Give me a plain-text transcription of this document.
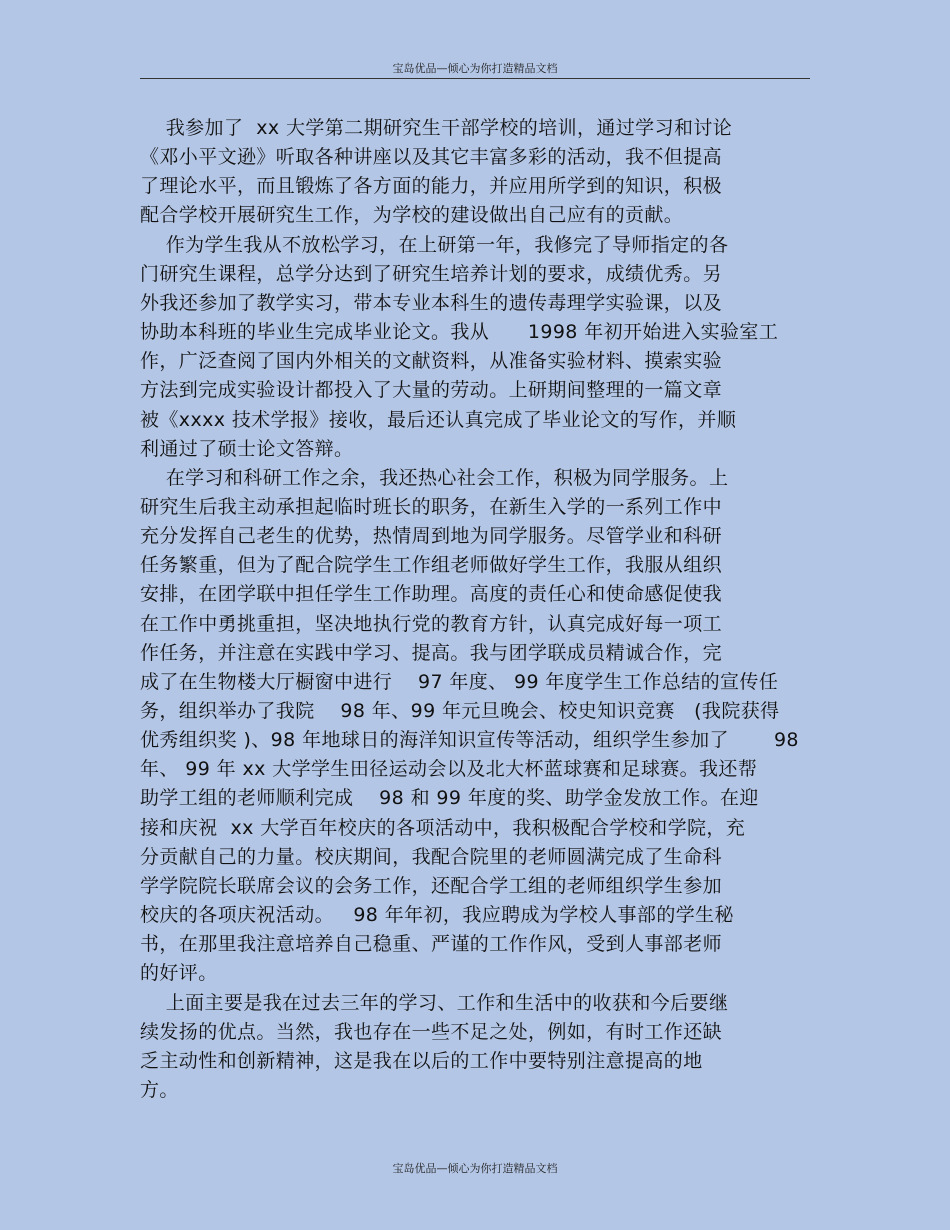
宝岛优品—倾心为你打造精品文档
我参加了  xx 大学第二期研究生干部学校的培训，通过学习和讨论
《邓小平文逊》听取各种讲座以及其它丰富多彩的活动，我不但提高
了理论水平，而且锻炼了各方面的能力，并应用所学到的知识，积极
配合学校开展研究生工作，为学校的建设做出自己应有的贡献。
作为学生我从不放松学习，在上研第一年，我修完了导师指定的各
门研究生课程，总学分达到了研究生培养计划的要求，成绩优秀。另
外我还参加了教学实习，带本专业本科生的遗传毒理学实验课，以及
协助本科班的毕业生完成毕业论文。我从      1998 年初开始进入实验室工
作，广泛查阅了国内外相关的文献资料，从准备实验材料、摸索实验
方法到完成实验设计都投入了大量的劳动。上研期间整理的一篇文章
被《xxxx 技术学报》接收，最后还认真完成了毕业论文的写作，并顺
利通过了硕士论文答辩。
在学习和科研工作之余，我还热心社会工作，积极为同学服务。上
研究生后我主动承担起临时班长的职务，在新生入学的一系列工作中
充分发挥自己老生的优势，热情周到地为同学服务。尽管学业和科研
任务繁重，但为了配合院学生工作组老师做好学生工作，我服从组织
安排，在团学联中担任学生工作助理。高度的责任心和使命感促使我
在工作中勇挑重担，坚决地执行党的教育方针，认真完成好每一项工
作任务，并注意在实践中学习、提高。我与团学联成员精诚合作，完
成了在生物楼大厅橱窗中进行    97 年度、 99 年度学生工作总结的宣传任
务，组织举办了我院    98 年、99 年元旦晚会、校史知识竞赛   (我院获得
优秀组织奖 )、98 年地球日的海洋知识宣传等活动，组织学生参加了       98
年、 99 年 xx 大学学生田径运动会以及北大杯蓝球赛和足球赛。我还帮
助学工组的老师顺利完成    98 和 99 年度的奖、助学金发放工作。在迎
接和庆祝  xx 大学百年校庆的各项活动中，我积极配合学校和学院，充
分贡献自己的力量。校庆期间，我配合院里的老师圆满完成了生命科
学学院院长联席会议的会务工作，还配合学工组的老师组织学生参加
校庆的各项庆祝活动。   98 年年初，我应聘成为学校人事部的学生秘
书，在那里我注意培养自己稳重、严谨的工作作风，受到人事部老师
的好评。
上面主要是我在过去三年的学习、工作和生活中的收获和今后要继
续发扬的优点。当然，我也存在一些不足之处，例如，有时工作还缺
乏主动性和创新精神，这是我在以后的工作中要特别注意提高的地
方。
宝岛优品—倾心为你打造精品文档
